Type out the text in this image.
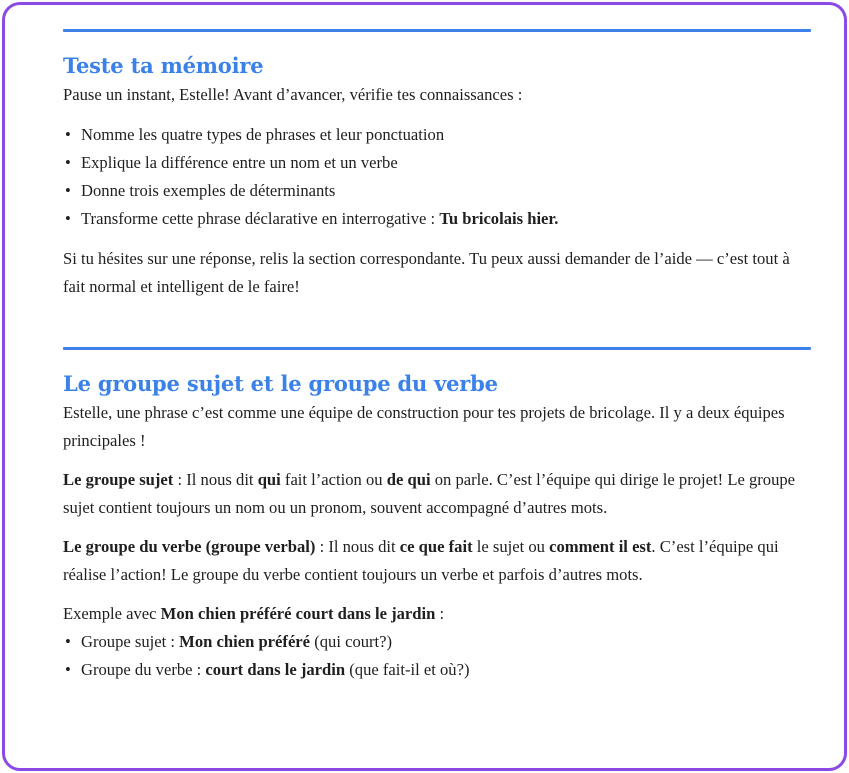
Teste ta mémoire

Pause un instant, Estelle! Avant d’avancer, vérifie tes connaissances :

• Nomme les quatre types de phrases et leur ponctuation
• Explique la différence entre un nom et un verbe
• Donne trois exemples de déterminants
• Transforme cette phrase déclarative en interrogative : Tu bricolais hier.

Si tu hésites sur une réponse, relis la section correspondante. Tu peux aussi demander de l’aide — c’est tout à fait normal et intelligent de le faire!

Le groupe sujet et le groupe du verbe

Estelle, une phrase c’est comme une équipe de construction pour tes projets de bricolage. Il y a deux équipes principales !

Le groupe sujet : Il nous dit qui fait l’action ou de qui on parle. C’est l’équipe qui dirige le projet! Le groupe sujet contient toujours un nom ou un pronom, souvent accompagné d’autres mots.

Le groupe du verbe (groupe verbal) : Il nous dit ce que fait le sujet ou comment il est. C’est l’équipe qui réalise l’action! Le groupe du verbe contient toujours un verbe et parfois d’autres mots.

Exemple avec Mon chien préféré court dans le jardin :

• Groupe sujet : Mon chien préféré (qui court?)
• Groupe du verbe : court dans le jardin (que fait-il et où?)
